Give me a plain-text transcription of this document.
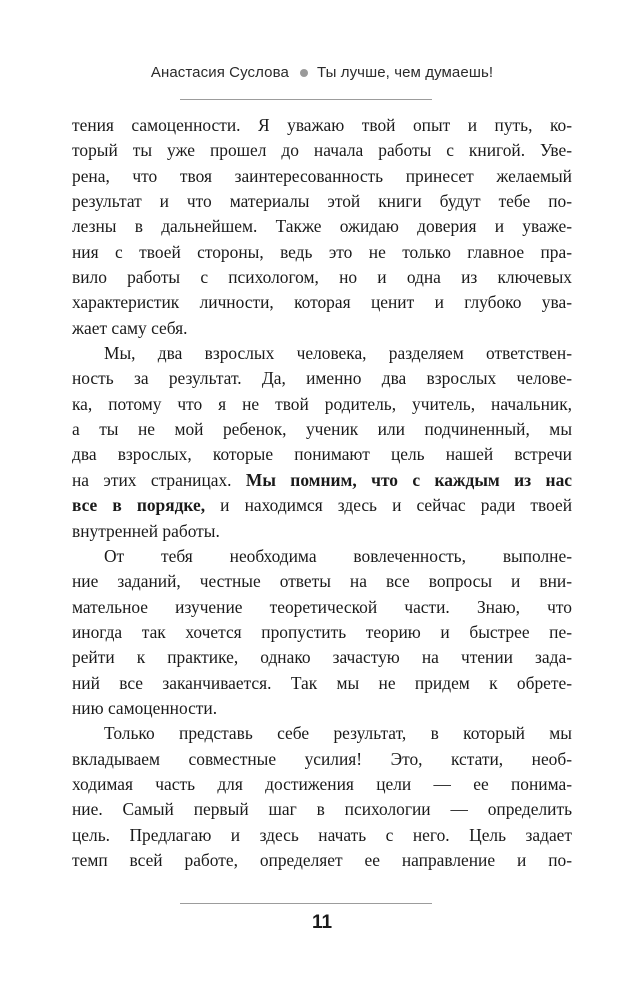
Анастасия Суслова Ты лучше, чем думаешь!
тения самоценности. Я уважаю твой опыт и путь, ко-
торый ты уже прошел до начала работы с книгой. Уве-
рена, что твоя заинтересованность принесет желаемый
результат и что материалы этой книги будут тебе по-
лезны в дальнейшем. Также ожидаю доверия и уваже-
ния с твоей стороны, ведь это не только главное пра-
вило работы с психологом, но и одна из ключевых
характеристик личности, которая ценит и глубоко ува-
жает саму себя.
Мы, два взрослых человека, разделяем ответствен-
ность за результат. Да, именно два взрослых челове-
ка, потому что я не твой родитель, учитель, начальник,
а ты не мой ребенок, ученик или подчиненный, мы
два взрослых, которые понимают цель нашей встречи
на этих страницах. Мы помним, что с каждым из нас
все в порядке, и находимся здесь и сейчас ради твоей
внутренней работы.
От тебя необходима вовлеченность, выполне-
ние заданий, честные ответы на все вопросы и вни-
мательное изучение теоретической части. Знаю, что
иногда так хочется пропустить теорию и быстрее пе-
рейти к практике, однако зачастую на чтении зада-
ний все заканчивается. Так мы не придем к обрете-
нию самоценности.
Только представь себе результат, в который мы
вкладываем совместные усилия! Это, кстати, необ-
ходимая часть для достижения цели — ее понима-
ние. Самый первый шаг в психологии — определить
цель. Предлагаю и здесь начать с него. Цель задает
темп всей работе, определяет ее направление и по-
11
